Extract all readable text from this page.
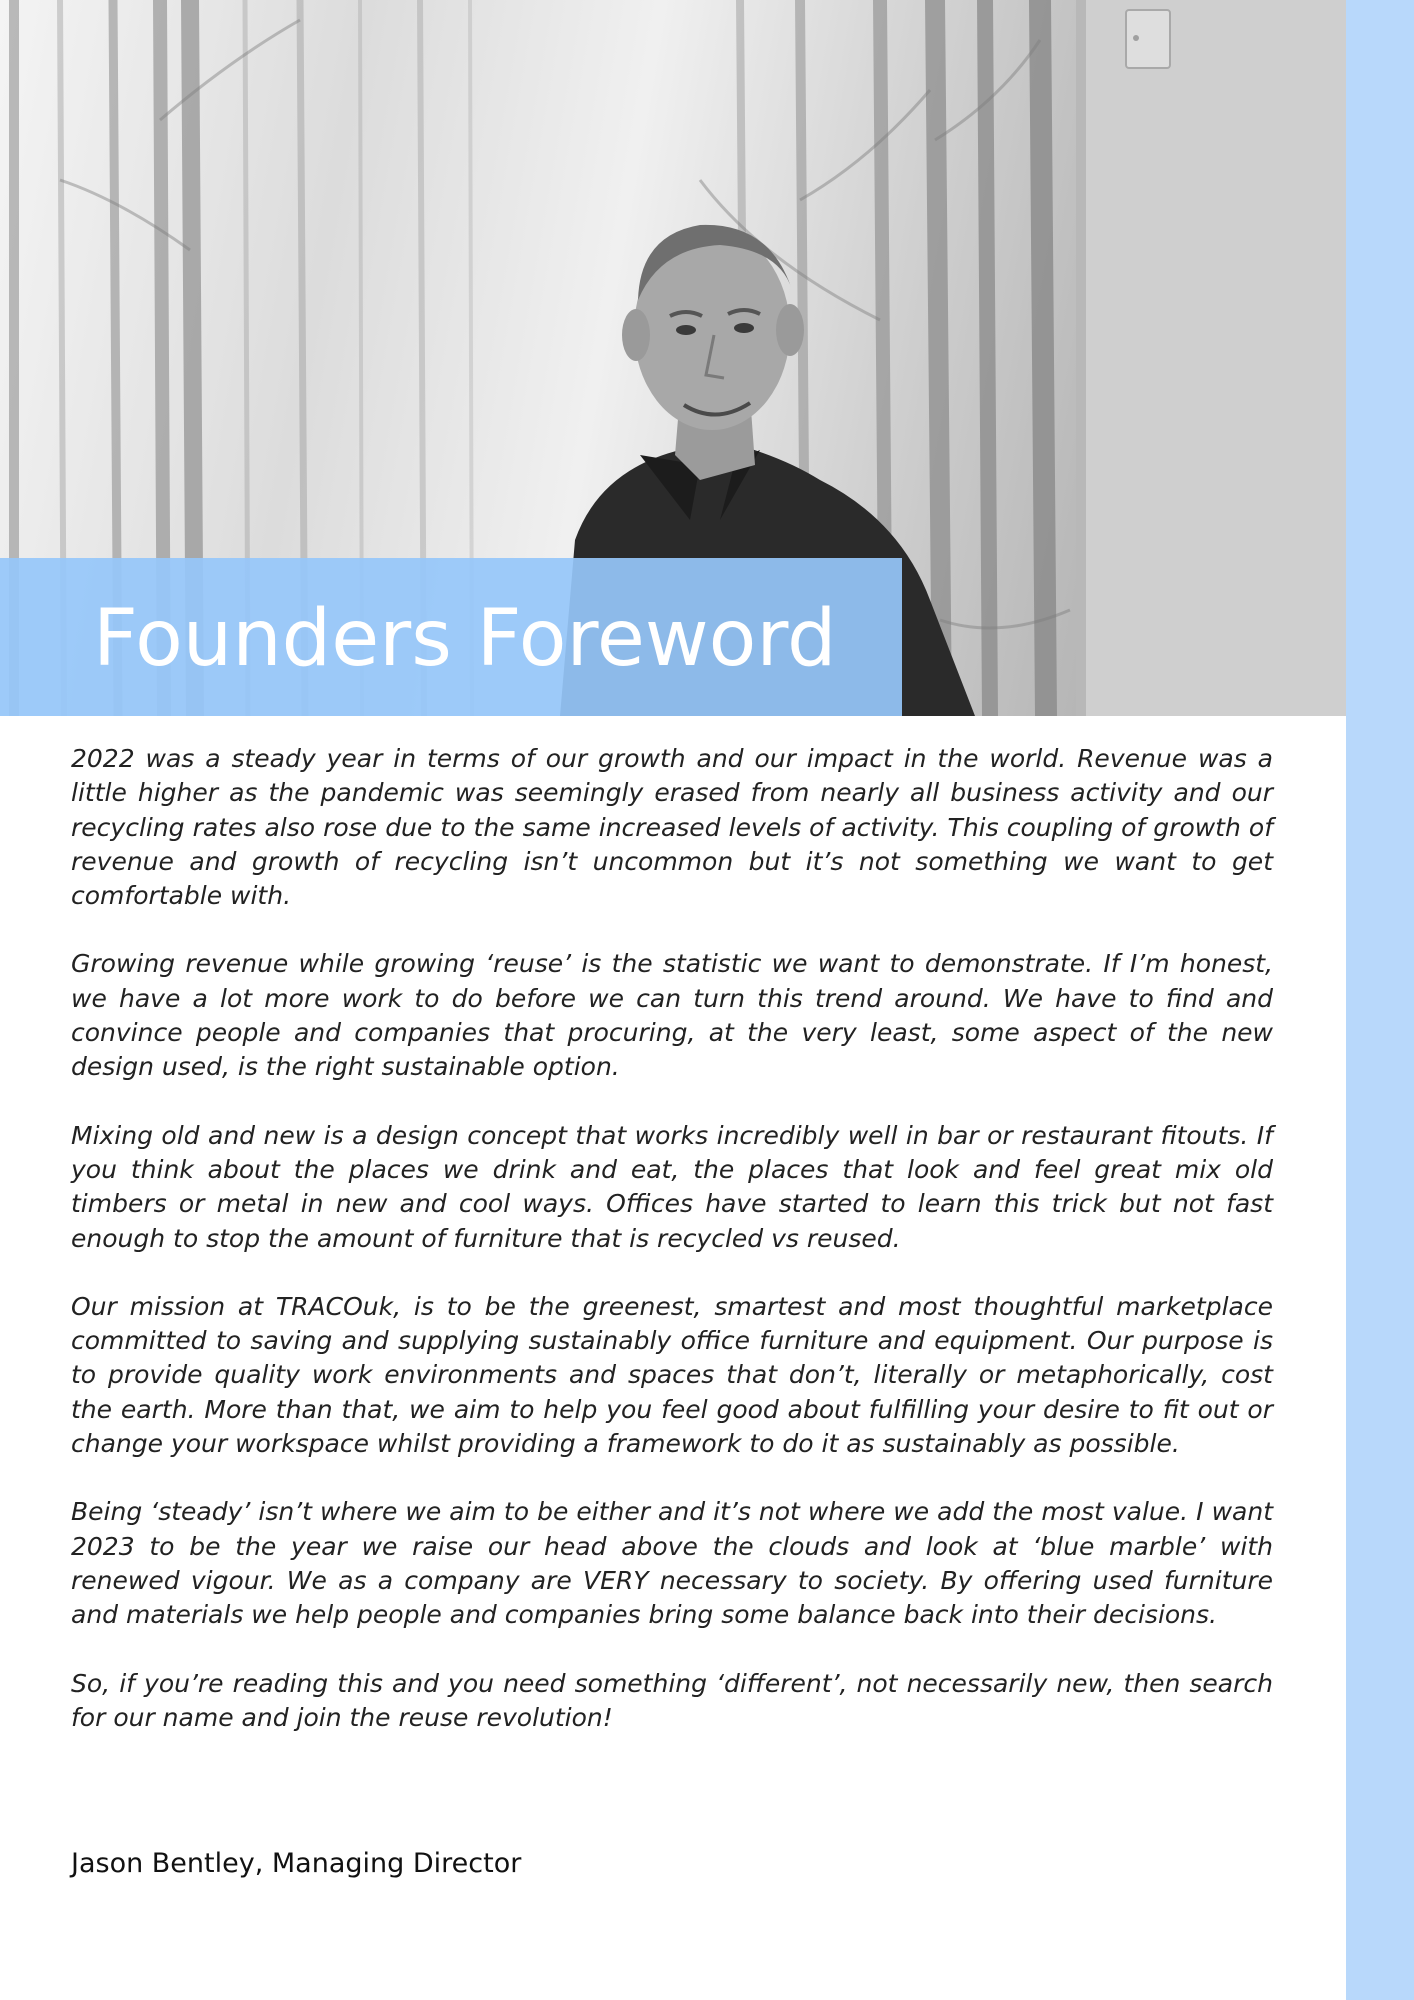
Founders Foreword

2022 was a steady year in terms of our growth and our impact in the world. Revenue was a little higher as the pandemic was seemingly erased from nearly all business activity and our recycling rates also rose due to the same increased levels of activity. This coupling of growth of revenue and growth of recycling isn’t uncommon but it’s not something we want to get comfortable with.

Growing revenue while growing ‘reuse’ is the statistic we want to demonstrate. If I’m honest, we have a lot more work to do before we can turn this trend around. We have to find and convince people and companies that procuring, at the very least, some aspect of the new design used, is the right sustainable option.

Mixing old and new is a design concept that works incredibly well in bar or restaurant fitouts. If you think about the places we drink and eat, the places that look and feel great mix old timbers or metal in new and cool ways. Offices have started to learn this trick but not fast enough to stop the amount of furniture that is recycled vs reused.

Our mission at TRACOuk, is to be the greenest, smartest and most thoughtful marketplace committed to saving and supplying sustainably office furniture and equipment. Our purpose is to provide quality work environments and spaces that don’t, literally or metaphorically, cost the earth. More than that, we aim to help you feel good about fulfilling your desire to fit out or change your workspace whilst providing a framework to do it as sustainably as possible.

Being ‘steady’ isn’t where we aim to be either and it’s not where we add the most value. I want 2023 to be the year we raise our head above the clouds and look at ‘blue marble’ with renewed vigour. We as a company are VERY necessary to society. By offering used furniture and materials we help people and companies bring some balance back into their decisions.

So, if you’re reading this and you need something ‘different’, not necessarily new, then search for our name and join the reuse revolution!

Jason Bentley, Managing Director
